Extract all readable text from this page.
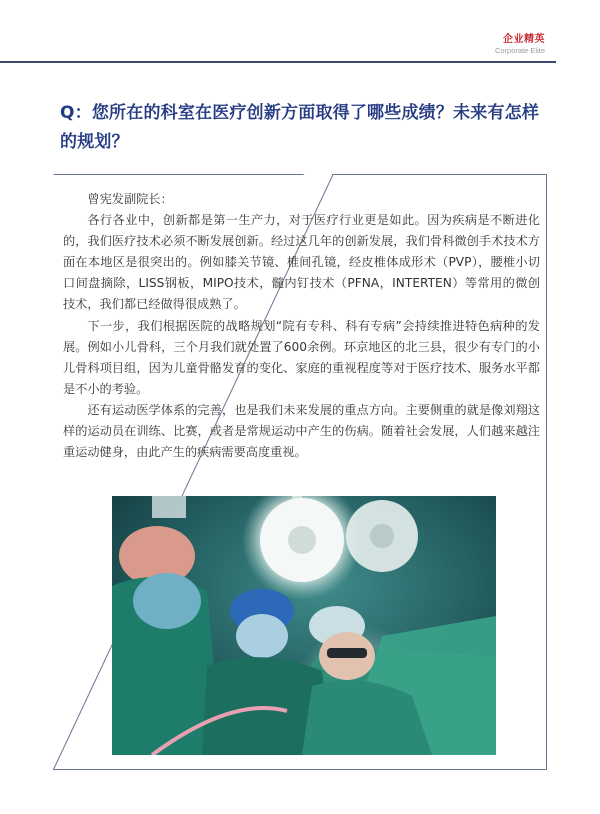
企业精英
Corporate Elite
Q：您所在的科室在医疗创新方面取得了哪些成绩？未来有怎样的规划？

曾宪发副院长：

各行各业中，创新都是第一生产力，对于医疗行业更是如此。因为疾病是不断进化的，我们医疗技术必须不断发展创新。经过这几年的创新发展，我们骨科微创手术技术方面在本地区是很突出的。例如膝关节镜、椎间孔镜，经皮椎体成形术（PVP），腰椎小切口间盘摘除，LISS钢板，MIPO技术，髓内钉技术（PFNA，INTERTEN）等常用的微创技术，我们都已经做得很成熟了。

下一步，我们根据医院的战略规划“院有专科、科有专病”会持续推进特色病种的发展。例如小儿骨科，三个月我们就处置了600余例。环京地区的北三县，很少有专门的小儿骨科项目组，因为儿童骨骼发育的变化、家庭的重视程度等对于医疗技术、服务水平都是不小的考验。

还有运动医学体系的完善，也是我们未来发展的重点方向。主要侧重的就是像刘翔这样的运动员在训练、比赛，或者是常规运动中产生的伤病。随着社会发展，人们越来越注重运动健身，由此产生的疾病需要高度重视。
